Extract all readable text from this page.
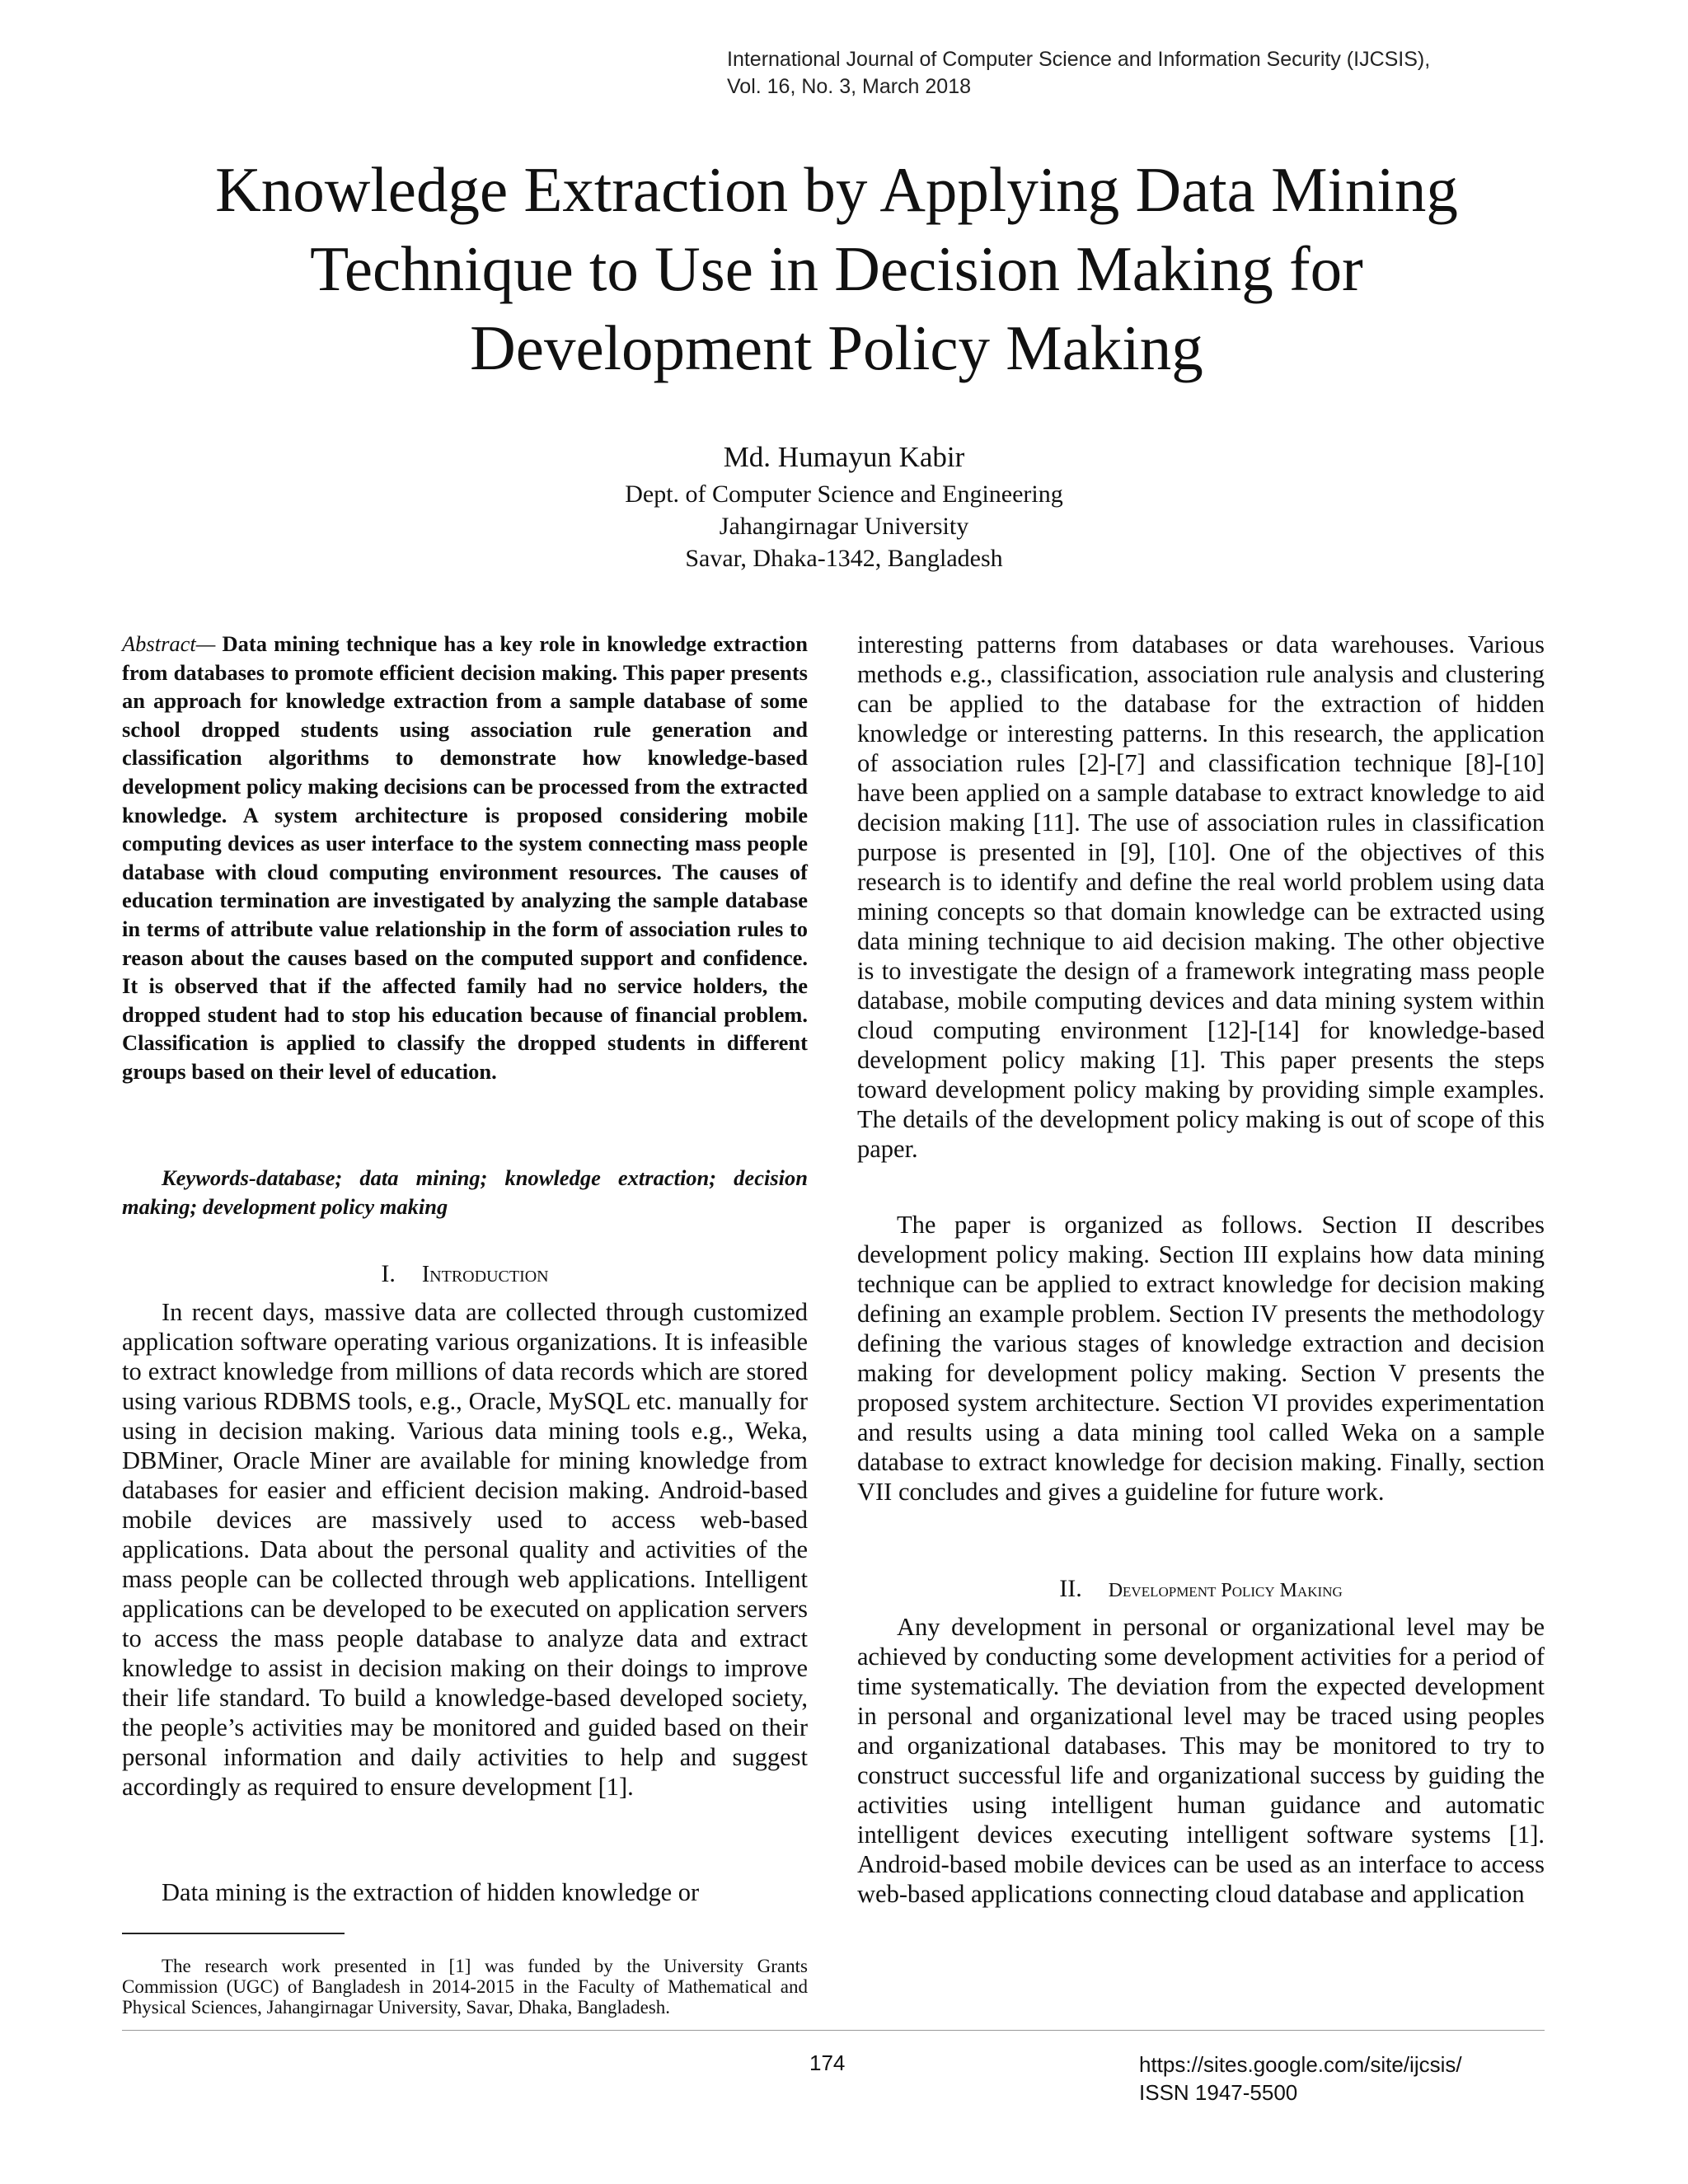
International Journal of Computer Science and Information Security (IJCSIS),
Vol. 16, No. 3, March 2018
Knowledge Extraction by Applying Data Mining
Technique to Use in Decision Making for
Development Policy Making
Md. Humayun Kabir
Dept. of Computer Science and Engineering
Jahangirnagar University
Savar, Dhaka-1342, Bangladesh

Abstract— Data mining technique has a key role in knowledge extraction from databases to promote efficient decision making. This paper presents an approach for knowledge extraction from a sample database of some school dropped students using association rule generation and classification algorithms to demonstrate how knowledge-based development policy making decisions can be processed from the extracted knowledge. A system architecture is proposed considering mobile computing devices as user interface to the system connecting mass people database with cloud computing environment resources. The causes of education termination are investigated by analyzing the sample database in terms of attribute value relationship in the form of association rules to reason about the causes based on the computed support and confidence. It is observed that if the affected family had no service holders, the dropped student had to stop his education because of financial problem. Classification is applied to classify the dropped students in different groups based on their level of education.

Keywords-database; data mining; knowledge extraction; decision making; development policy making

I. Introduction

In recent days, massive data are collected through customized application software operating various organizations. It is infeasible to extract knowledge from millions of data records which are stored using various RDBMS tools, e.g., Oracle, MySQL etc. manually for using in decision making. Various data mining tools e.g., Weka, DBMiner, Oracle Miner are available for mining knowledge from databases for easier and efficient decision making. Android-based mobile devices are massively used to access web-based applications. Data about the personal quality and activities of the mass people can be collected through web applications. Intelligent applications can be developed to be executed on application servers to access the mass people database to analyze data and extract knowledge to assist in decision making on their doings to improve their life standard. To build a knowledge-based developed society, the people’s activities may be monitored and guided based on their personal information and daily activities to help and suggest accordingly as required to ensure development [1].

Data mining is the extraction of hidden knowledge or

interesting patterns from databases or data warehouses. Various methods e.g., classification, association rule analysis and clustering can be applied to the database for the extraction of hidden knowledge or interesting patterns. In this research, the application of association rules [2]-[7] and classification technique [8]-[10] have been applied on a sample database to extract knowledge to aid decision making [11]. The use of association rules in classification purpose is presented in [9], [10]. One of the objectives of this research is to identify and define the real world problem using data mining concepts so that domain knowledge can be extracted using data mining technique to aid decision making. The other objective is to investigate the design of a framework integrating mass people database, mobile computing devices and data mining system within cloud computing environment [12]-[14] for knowledge-based development policy making [1]. This paper presents the steps toward development policy making by providing simple examples. The details of the development policy making is out of scope of this paper.

The paper is organized as follows. Section II describes development policy making. Section III explains how data mining technique can be applied to extract knowledge for decision making defining an example problem. Section IV presents the methodology defining the various stages of knowledge extraction and decision making for development policy making. Section V presents the proposed system architecture. Section VI provides experimentation and results using a data mining tool called Weka on a sample database to extract knowledge for decision making. Finally, section VII concludes and gives a guideline for future work.

II. Development Policy Making

Any development in personal or organizational level may be achieved by conducting some development activities for a period of time systematically. The deviation from the expected development in personal and organizational level may be traced using peoples and organizational databases. This may be monitored to try to construct successful life and organizational success by guiding the activities using intelligent human guidance and automatic intelligent devices executing intelligent software systems [1]. Android-based mobile devices can be used as an interface to access web-based applications connecting cloud database and application

The research work presented in [1] was funded by the University Grants Commission (UGC) of Bangladesh in 2014-2015 in the Faculty of Mathematical and Physical Sciences, Jahangirnagar University, Savar, Dhaka, Bangladesh.

174	https://sites.google.com/site/ijcsis/
ISSN 1947-5500
